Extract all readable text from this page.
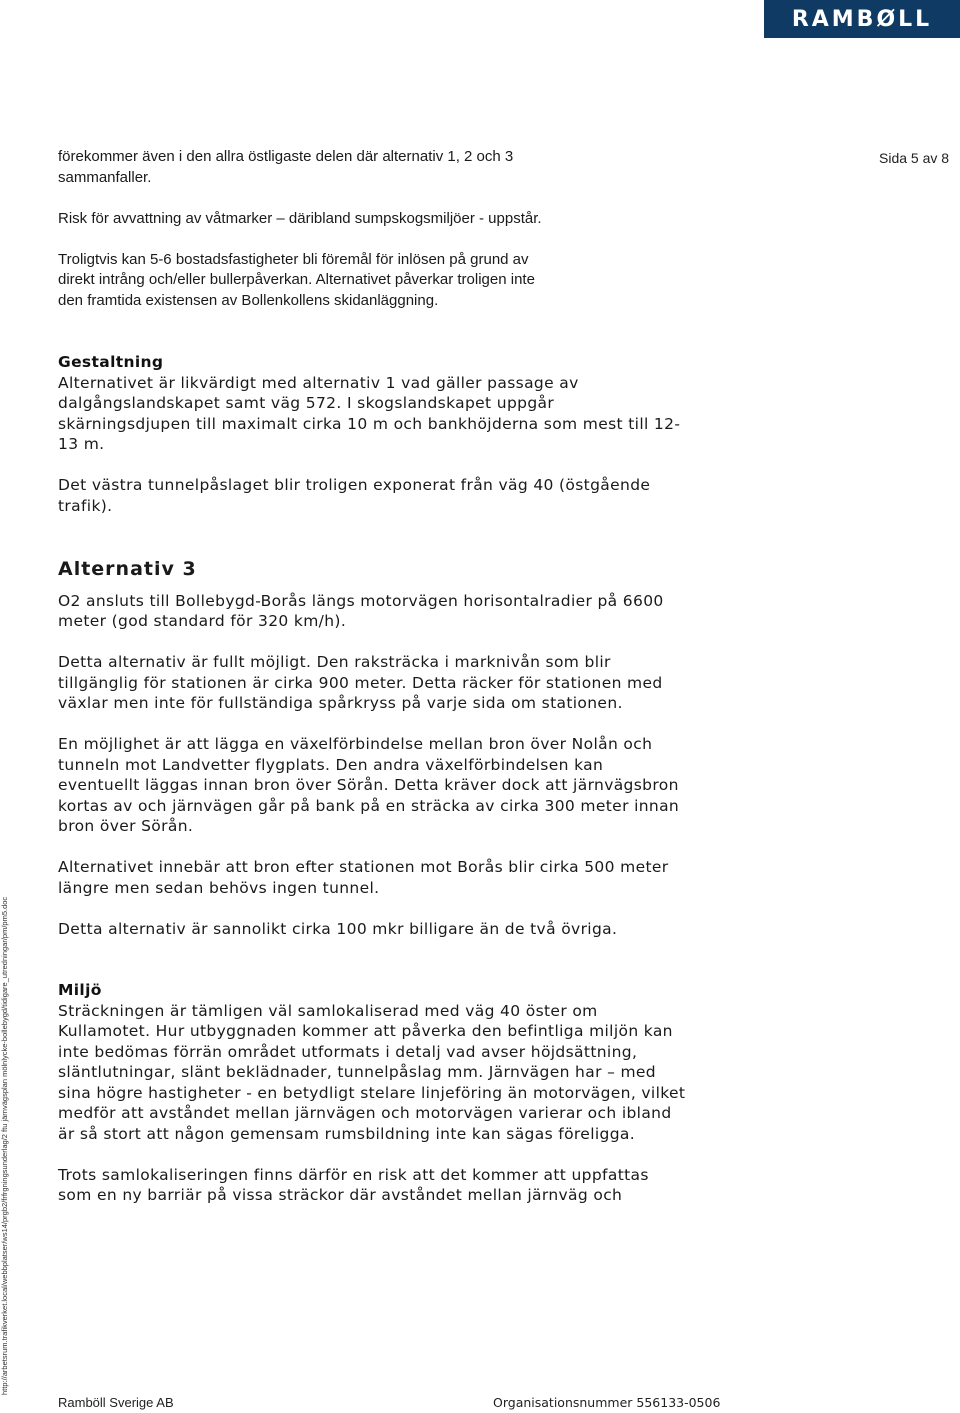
RAMBØLL
Sida 5 av 8
http://arbetsrum.trafikverket.local/webbplatser/ws14/prgb2/frfrgningsunderlag/2 ftu järnvägsplan mölnlycke-bollebygd/tidigare_utredningar/pm/pm5.doc

förekommer även i den allra östligaste delen där alternativ 1, 2 och 3

sammanfaller.

Risk för avvattning av våtmarker – däribland sumpskogsmiljöer - uppstår.

Troligtvis kan 5-6 bostadsfastigheter bli föremål för inlösen på grund av

direkt intrång och/eller bullerpåverkan. Alternativet påverkar troligen inte

den framtida existensen av Bollenkollens skidanläggning.

Gestaltning

Alternativet är likvärdigt med alternativ 1 vad gäller passage av

dalgångslandskapet samt väg 572. I skogslandskapet uppgår

skärningsdjupen till maximalt cirka 10 m och bankhöjderna som mest till 12-

13 m.

Det västra tunnelpåslaget blir troligen exponerat från väg 40 (östgående

trafik).

Alternativ 3

O2 ansluts till Bollebygd-Borås längs motorvägen horisontalradier på 6600

meter (god standard för 320 km/h).

Detta alternativ är fullt möjligt. Den raksträcka i marknivån som blir

tillgänglig för stationen är cirka 900 meter. Detta räcker för stationen med

växlar men inte för fullständiga spårkryss på varje sida om stationen.

En möjlighet är att lägga en växelförbindelse mellan bron över Nolån och

tunneln mot Landvetter flygplats. Den andra växelförbindelsen kan

eventuellt läggas innan bron över Sörån. Detta kräver dock att järnvägsbron

kortas av och järnvägen går på bank på en sträcka av cirka 300 meter innan

bron över Sörån.

Alternativet innebär att bron efter stationen mot Borås blir cirka 500 meter

längre men sedan behövs ingen tunnel.

Detta alternativ är sannolikt cirka 100 mkr billigare än de två övriga.

Miljö

Sträckningen är tämligen väl samlokaliserad med väg 40 öster om

Kullamotet. Hur utbyggnaden kommer att påverka den befintliga miljön kan

inte bedömas förrän området utformats i detalj vad avser höjdsättning,

släntlutningar, slänt beklädnader, tunnelpåslag mm. Järnvägen har – med

sina högre hastigheter - en betydligt stelare linjeföring än motorvägen, vilket

medför att avståndet mellan järnvägen och motorvägen varierar och ibland

är så stort att någon gemensam rumsbildning inte kan sägas föreligga.

Trots samlokaliseringen finns därför en risk att det kommer att uppfattas

som en ny barriär på vissa sträckor där avståndet mellan järnväg och

Ramböll Sverige AB	Organisationsnummer 556133-0506
